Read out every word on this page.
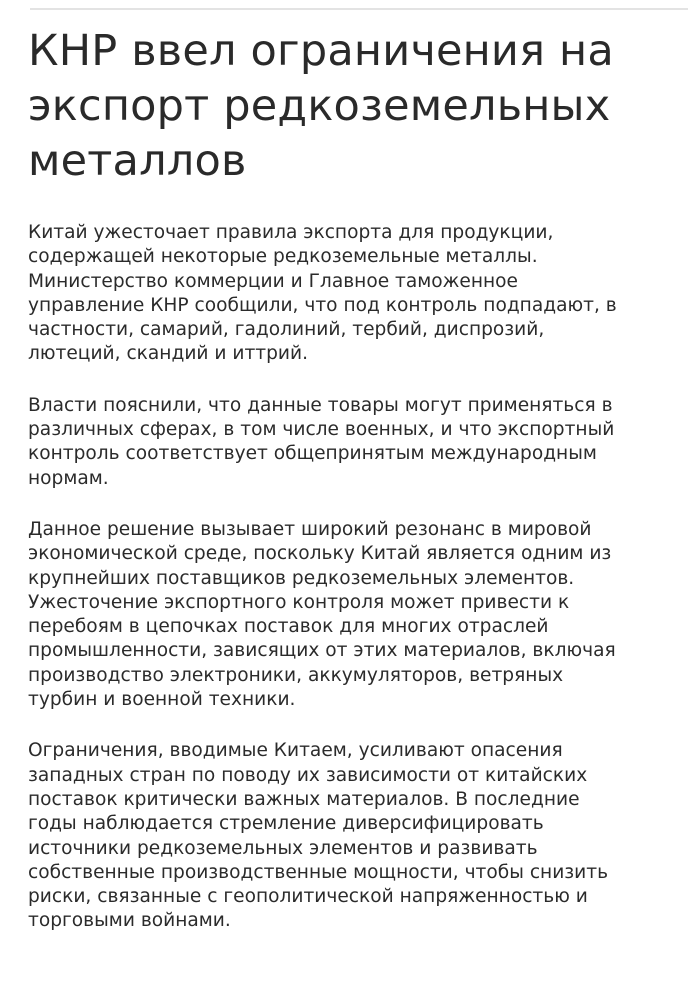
КНР ввел ограничения на
экспорт редкоземельных
металлов

Китай ужесточает правила экспорта для продукции,
содержащей некоторые редкоземельные металлы.
Министерство коммерции и Главное таможенное
управление КНР сообщили, что под контроль подпадают, в
частности, самарий, гадолиний, тербий, диспрозий,
лютеций, скандий и иттрий.

Власти пояснили, что данные товары могут применяться в
различных сферах, в том числе военных, и что экспортный
контроль соответствует общепринятым международным
нормам.

Данное решение вызывает широкий резонанс в мировой
экономической среде, поскольку Китай является одним из
крупнейших поставщиков редкоземельных элементов.
Ужесточение экспортного контроля может привести к
перебоям в цепочках поставок для многих отраслей
промышленности, зависящих от этих материалов, включая
производство электроники, аккумуляторов, ветряных
турбин и военной техники.

Ограничения, вводимые Китаем, усиливают опасения
западных стран по поводу их зависимости от китайских
поставок критически важных материалов. В последние
годы наблюдается стремление диверсифицировать
источники редкоземельных элементов и развивать
собственные производственные мощности, чтобы снизить
риски, связанные с геополитической напряженностью и
торговыми войнами.
